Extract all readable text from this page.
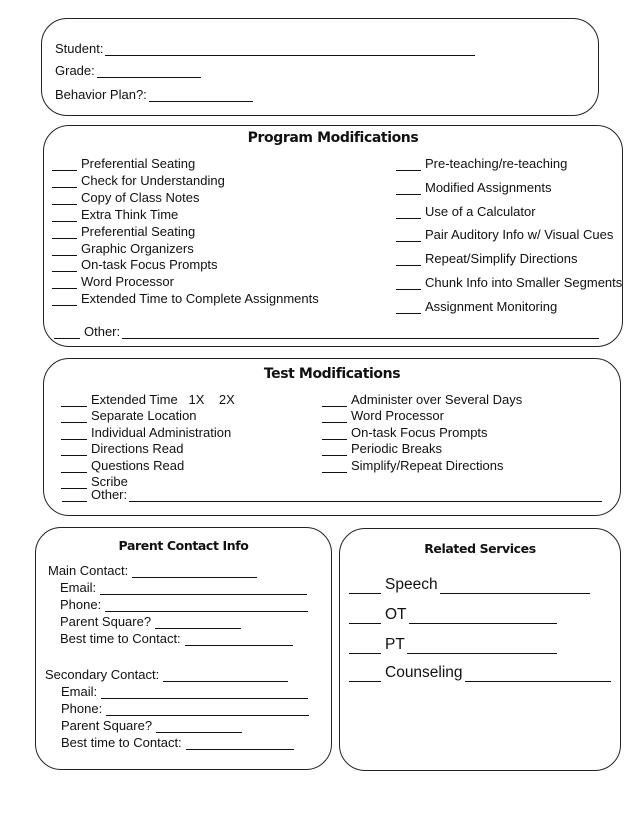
Student:
Grade:
Behavior Plan?:
Program Modifications
Other:
Preferential Seating
Check for Understanding
Copy of Class Notes
Extra Think Time
Preferential Seating
Graphic Organizers
On-task Focus Prompts
Word Processor
Extended Time to Complete Assignments
Pre-teaching/re-teaching
Modified Assignments
Use of a Calculator
Pair Auditory Info w/ Visual Cues
Repeat/Simplify Directions
Chunk Info into Smaller Segments
Assignment Monitoring
Test Modifications
Other:
Extended Time   1X    2X
Separate Location
Individual Administration
Directions Read
Questions Read
Scribe
Administer over Several Days
Word Processor
On-task Focus Prompts
Periodic Breaks
Simplify/Repeat Directions
Parent Contact Info
Main Contact:
Secondary Contact:
Email:
Phone:
Parent Square?
Best time to Contact:
Email:
Phone:
Parent Square?
Best time to Contact:
Related Services
Speech
OT
PT
Counseling
